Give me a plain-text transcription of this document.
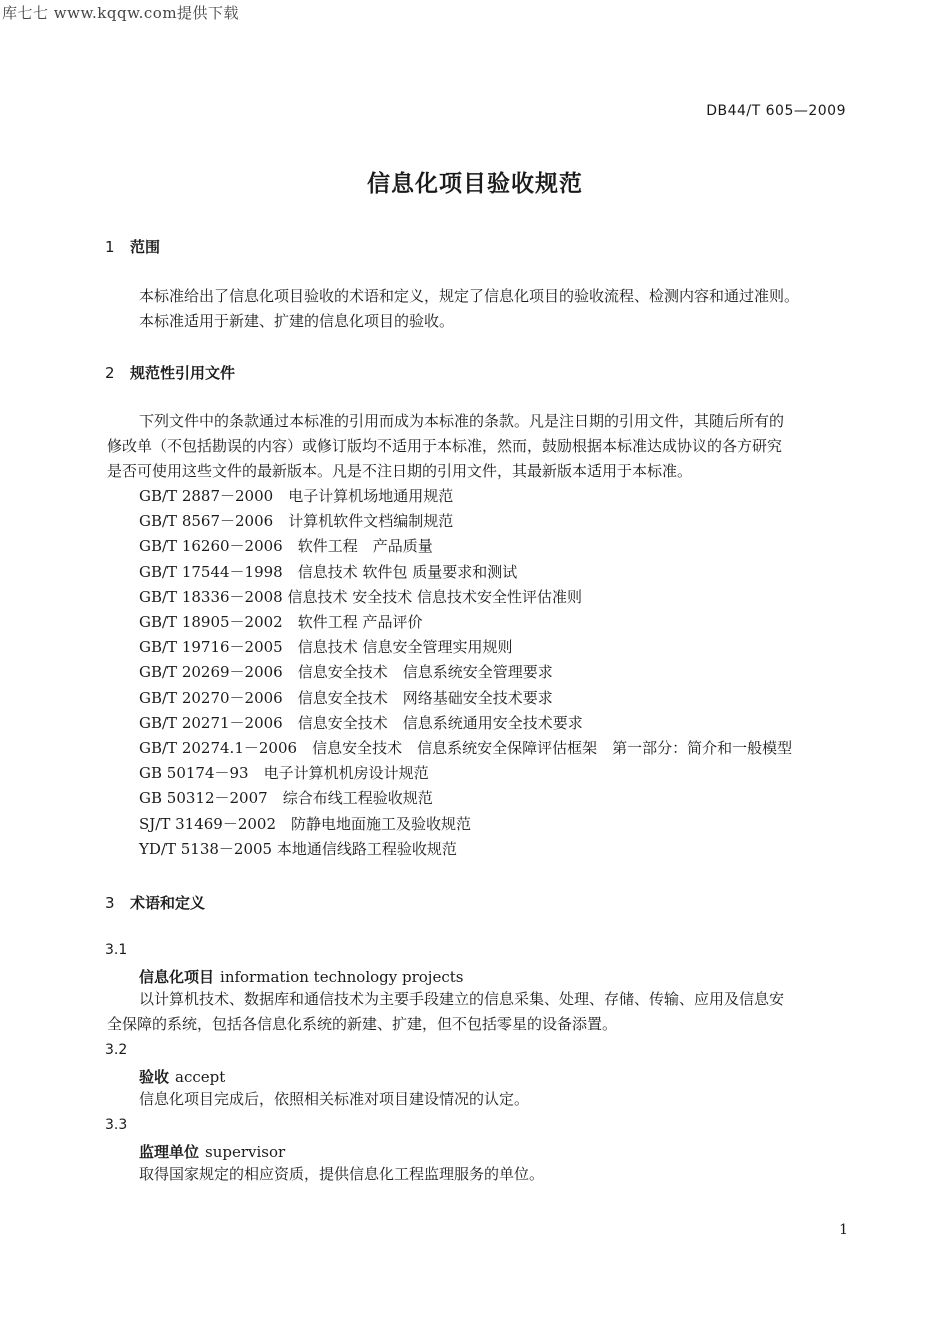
库七七 www.kqqw.com提供下载
DB44/T 605—2009
信息化项目验收规范
1 范围
本标准给出了信息化项目验收的术语和定义，规定了信息化项目的验收流程、检测内容和通过准则。
本标准适用于新建、扩建的信息化项目的验收。
2 规范性引用文件
下列文件中的条款通过本标准的引用而成为本标准的条款。凡是注日期的引用文件，其随后所有的
修改单（不包括勘误的内容）或修订版均不适用于本标准，然而，鼓励根据本标准达成协议的各方研究
是否可使用这些文件的最新版本。凡是不注日期的引用文件，其最新版本适用于本标准。
GB/T 2887－2000　 电子计算机场地通用规范
GB/T 8567－2006　 计算机软件文档编制规范
GB/T 16260－2006　 软件工程　产品质量
GB/T 17544－1998　 信息技术 软件包 质量要求和测试
GB/T 18336－2008 信息技术 安全技术 信息技术安全性评估准则
GB/T 18905－2002　 软件工程 产品评价
GB/T 19716－2005　 信息技术 信息安全管理实用规则
GB/T 20269－2006　 信息安全技术　信息系统安全管理要求
GB/T 20270－2006　 信息安全技术　网络基础安全技术要求
GB/T 20271－2006　 信息安全技术　信息系统通用安全技术要求
GB/T 20274.1－2006　 信息安全技术　信息系统安全保障评估框架　第一部分：简介和一般模型
GB 50174－93　 电子计算机机房设计规范
GB 50312－2007　 综合布线工程验收规范
SJ/T 31469－2002　 防静电地面施工及验收规范
YD/T 5138－2005 本地通信线路工程验收规范
3 术语和定义
3.1
信息化项目 information technology projects
以计算机技术、数据库和通信技术为主要手段建立的信息采集、处理、存储、传输、应用及信息安
全保障的系统，包括各信息化系统的新建、扩建，但不包括零星的设备添置。
3.2
验收 accept
信息化项目完成后，依照相关标准对项目建设情况的认定。
3.3
监理单位 supervisor
取得国家规定的相应资质，提供信息化工程监理服务的单位。
1
